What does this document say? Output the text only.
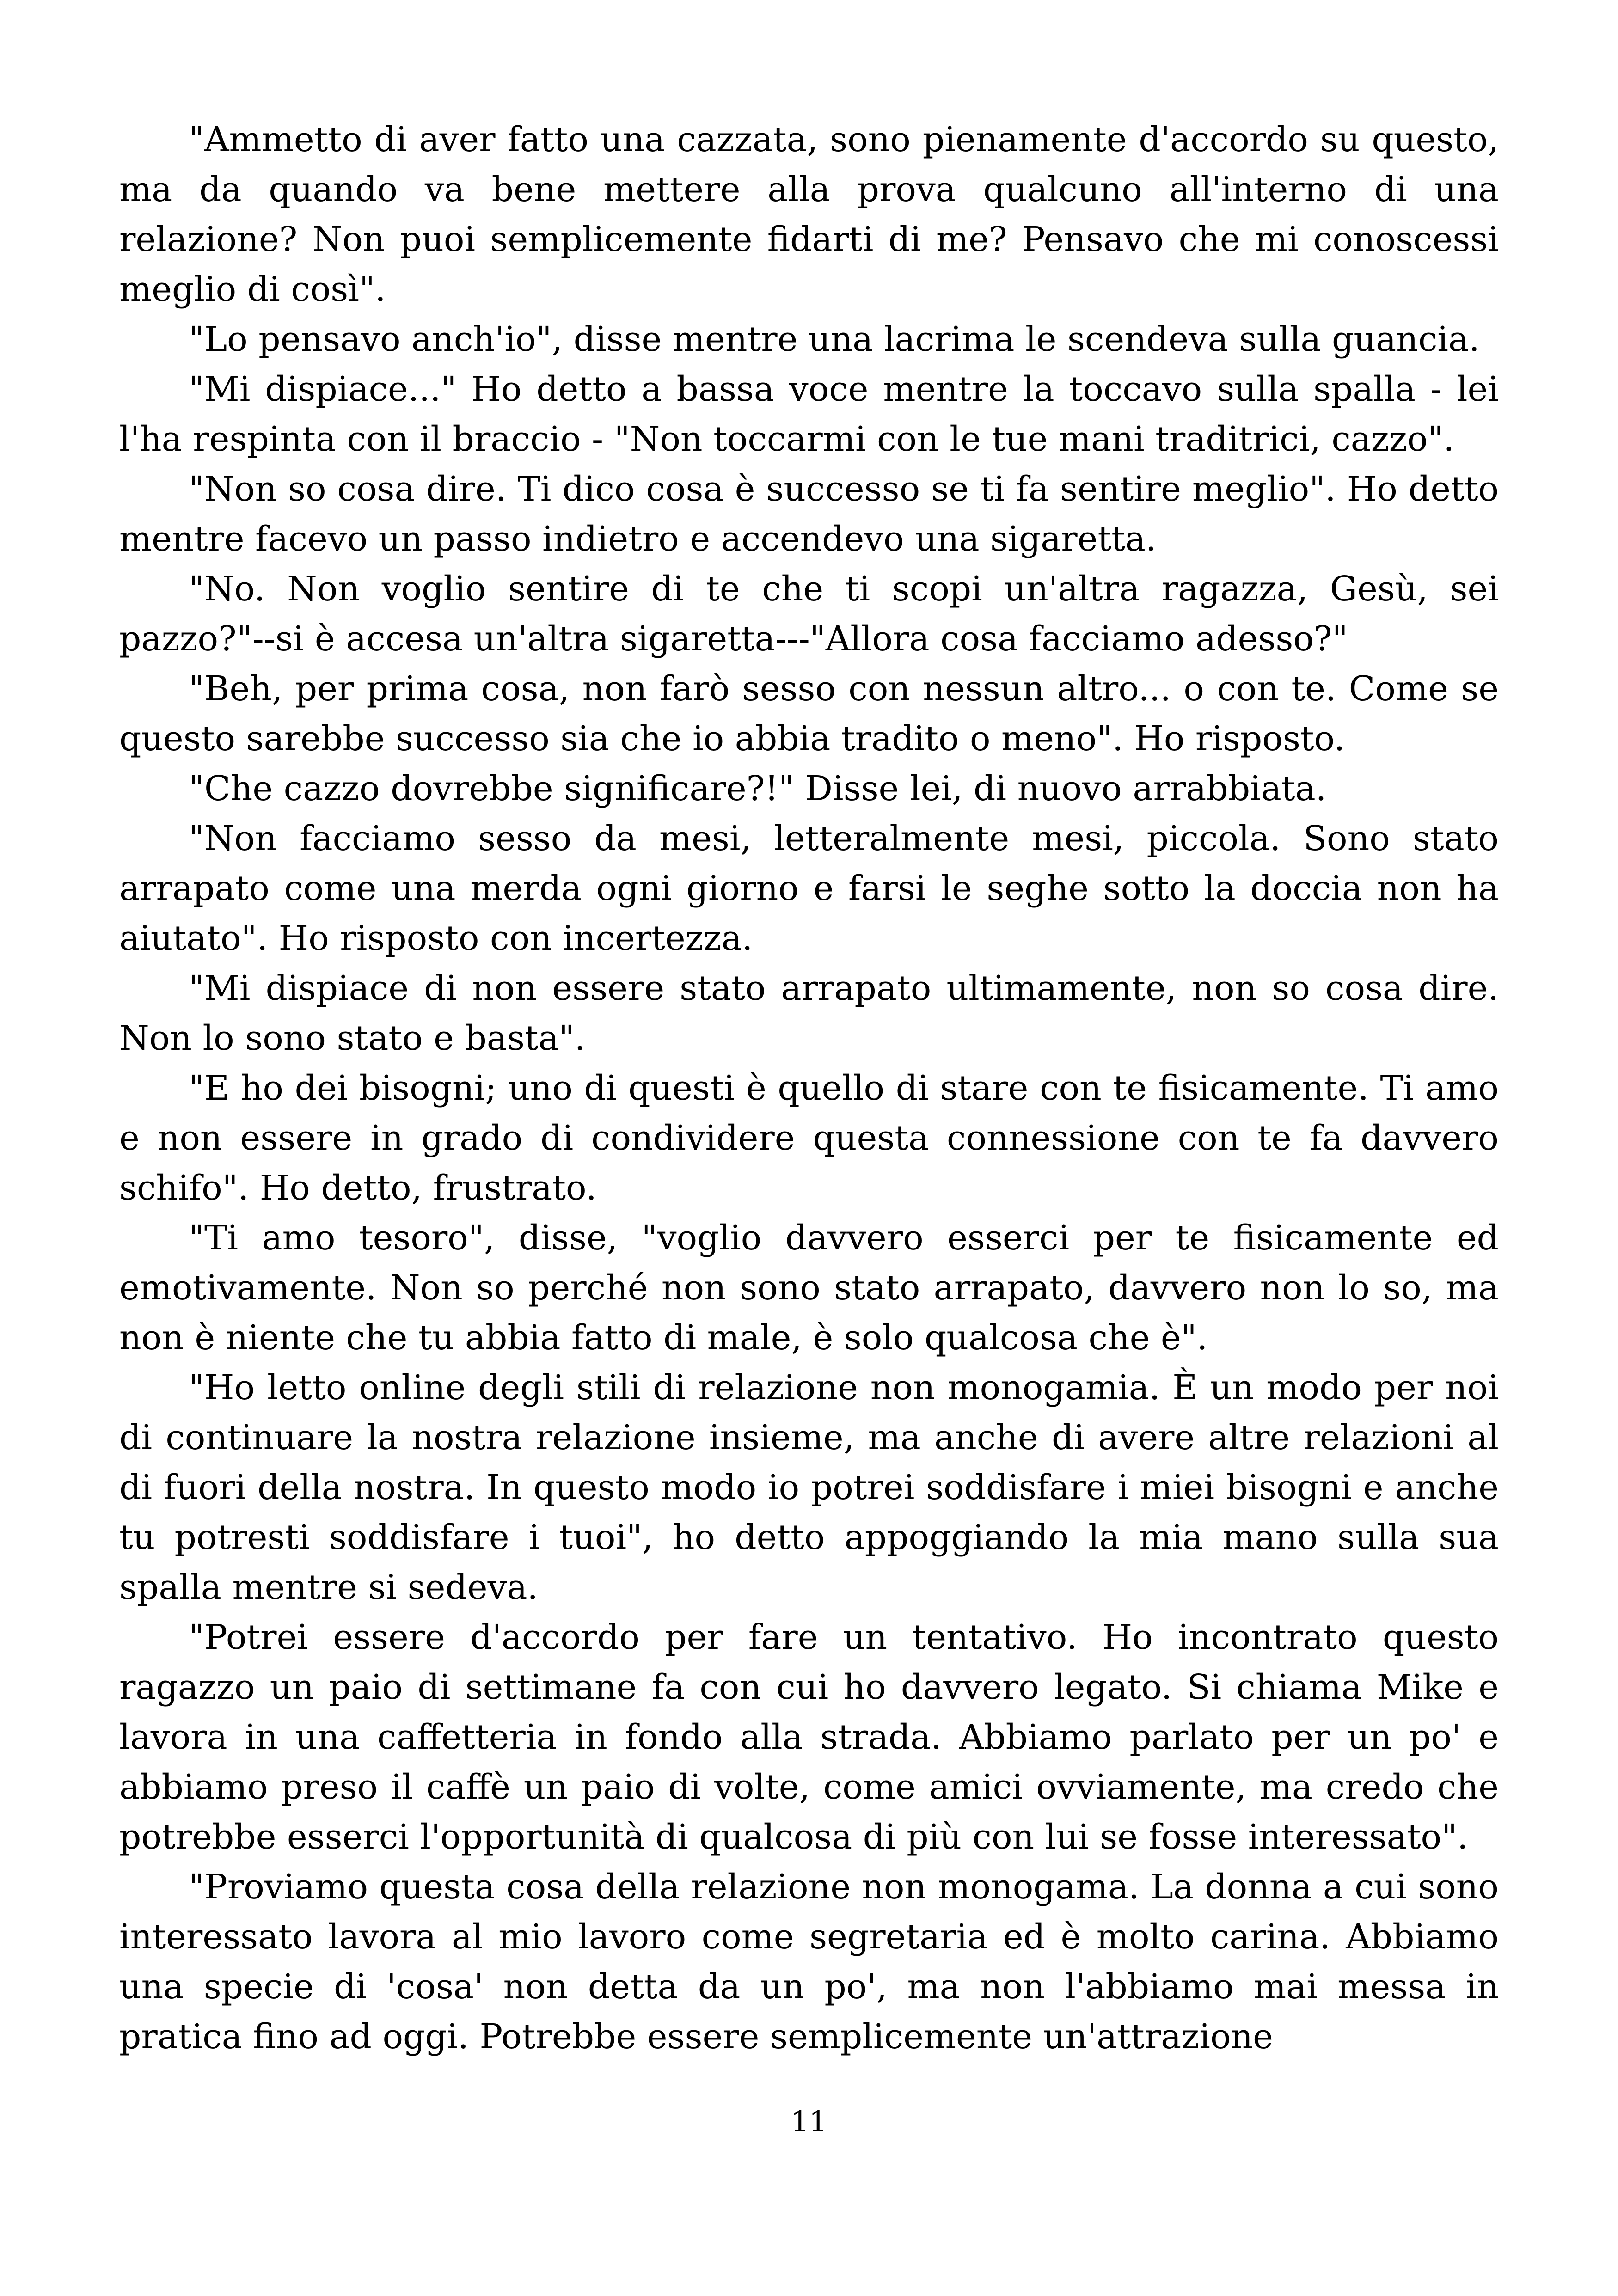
"Ammetto di aver fatto una cazzata, sono pienamente d'accordo su questo, ma da quando va bene mettere alla prova qualcuno all'interno di una relazione? Non puoi semplicemente fidarti di me? Pensavo che mi conoscessi meglio di così".

"Lo pensavo anch'io", disse mentre una lacrima le scendeva sulla guancia.

"Mi dispiace..." Ho detto a bassa voce mentre la toccavo sulla spalla - lei l'ha respinta con il braccio - "Non toccarmi con le tue mani traditrici, cazzo".

"Non so cosa dire. Ti dico cosa è successo se ti fa sentire meglio". Ho detto mentre facevo un passo indietro e accendevo una sigaretta.

"No. Non voglio sentire di te che ti scopi un'altra ragazza, Gesù, sei pazzo?"--si è accesa un'altra sigaretta---"Allora cosa facciamo adesso?"

"Beh, per prima cosa, non farò sesso con nessun altro... o con te. Come se questo sarebbe successo sia che io abbia tradito o meno". Ho risposto.

"Che cazzo dovrebbe significare?!" Disse lei, di nuovo arrabbiata.

"Non facciamo sesso da mesi, letteralmente mesi, piccola. Sono stato arrapato come una merda ogni giorno e farsi le seghe sotto la doccia non ha aiutato". Ho risposto con incertezza.

"Mi dispiace di non essere stato arrapato ultimamente, non so cosa dire. Non lo sono stato e basta".

"E ho dei bisogni; uno di questi è quello di stare con te fisicamente. Ti amo e non essere in grado di condividere questa connessione con te fa davvero schifo". Ho detto, frustrato.

"Ti amo tesoro", disse, "voglio davvero esserci per te fisicamente ed emotivamente. Non so perché non sono stato arrapato, davvero non lo so, ma non è niente che tu abbia fatto di male, è solo qualcosa che è".

"Ho letto online degli stili di relazione non monogamia. È un modo per noi di continuare la nostra relazione insieme, ma anche di avere altre relazioni al di fuori della nostra. In questo modo io potrei soddisfare i miei bisogni e anche tu potresti soddisfare i tuoi", ho detto appoggiando la mia mano sulla sua spalla mentre si sedeva.

"Potrei essere d'accordo per fare un tentativo. Ho incontrato questo ragazzo un paio di settimane fa con cui ho davvero legato. Si chiama Mike e lavora in una caffetteria in fondo alla strada. Abbiamo parlato per un po' e abbiamo preso il caffè un paio di volte, come amici ovviamente, ma credo che potrebbe esserci l'opportunità di qualcosa di più con lui se fosse interessato".

"Proviamo questa cosa della relazione non monogama. La donna a cui sono interessato lavora al mio lavoro come segretaria ed è molto carina. Abbiamo una specie di 'cosa' non detta da un po', ma non l'abbiamo mai messa in pratica fino ad oggi. Potrebbe essere semplicemente un'attrazione

11
